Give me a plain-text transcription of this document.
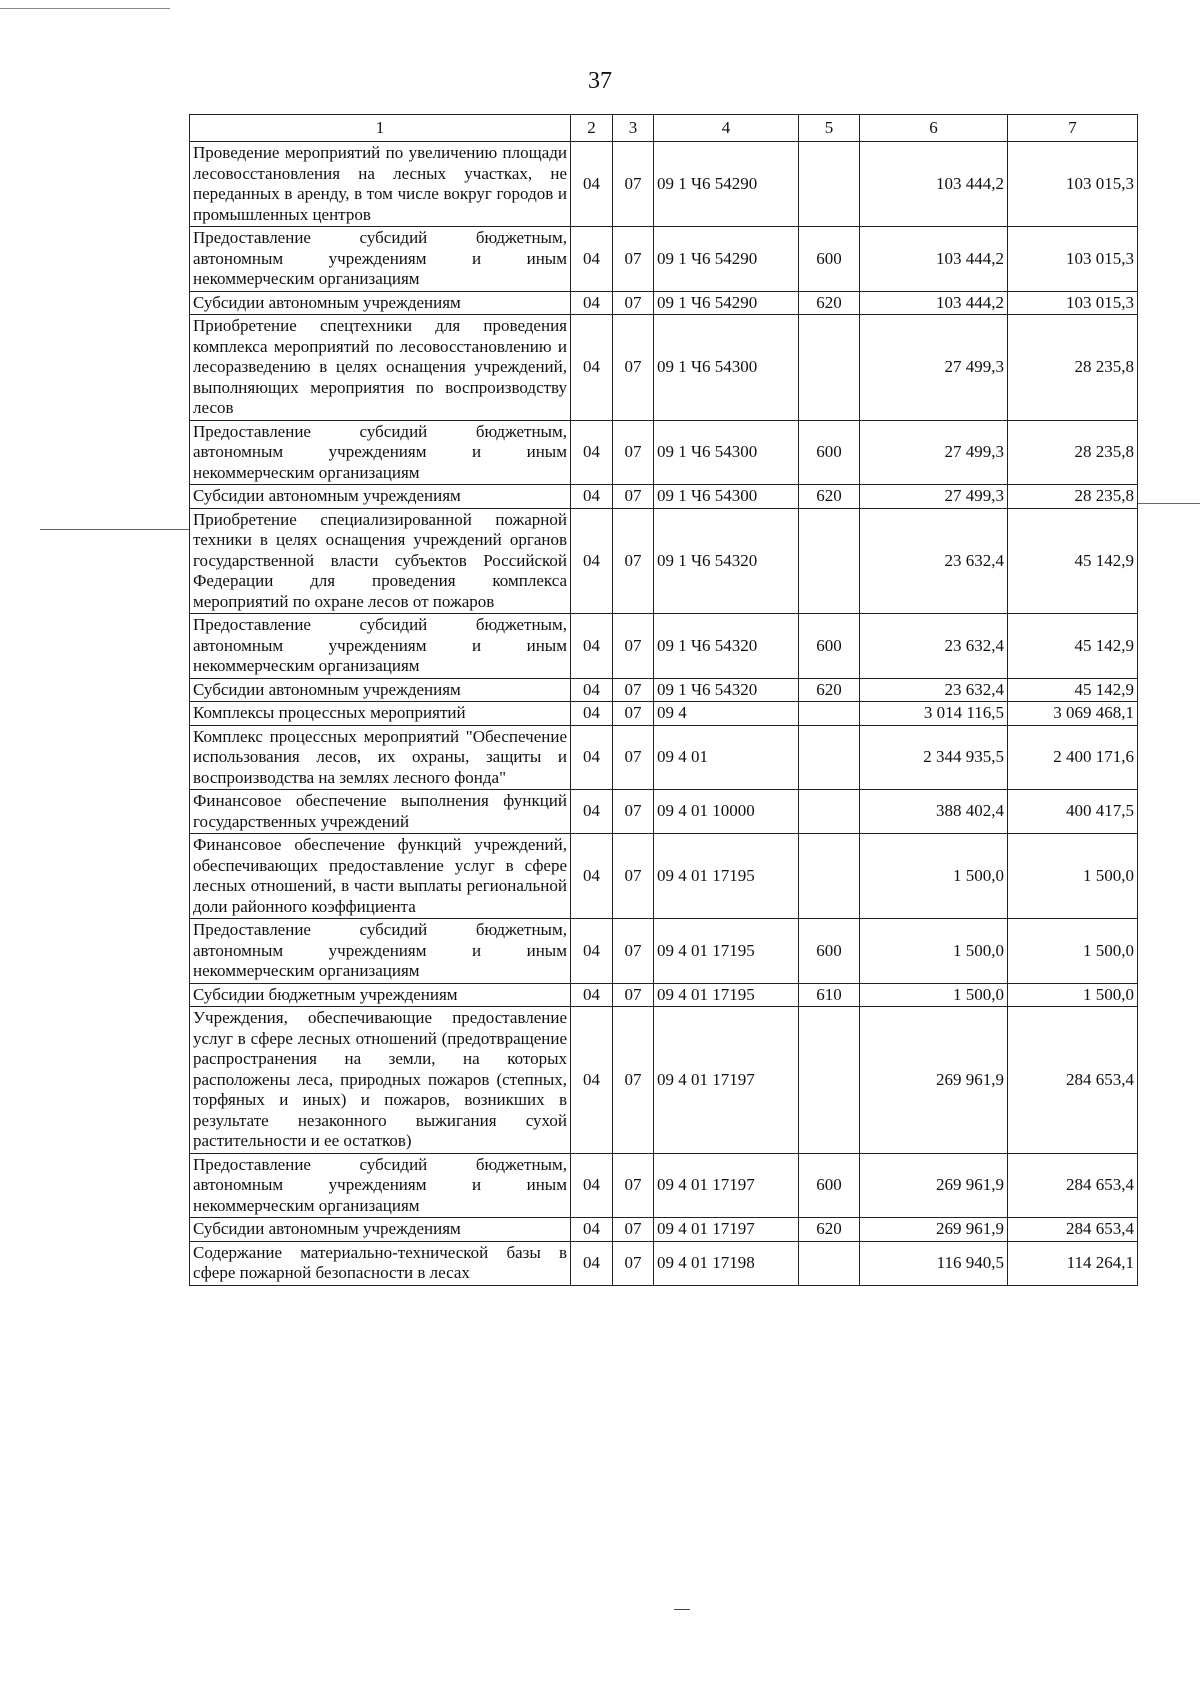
37
1	2	3	4	5	6	7
Проведение мероприятий по увеличению площади лесовосстановления на лесных участках, не переданных в аренду, в том числе вокруг городов и промышленных центров	04	07	09 1 Ч6 54290		103 444,2	103 015,3
Предоставление субсидий бюджетным, автономным учреждениям и иным некоммерческим организациям	04	07	09 1 Ч6 54290	600	103 444,2	103 015,3
Субсидии автономным учреждениям	04	07	09 1 Ч6 54290	620	103 444,2	103 015,3
Приобретение спецтехники для проведения комплекса мероприятий по лесовосстановлению и лесоразведению в целях оснащения учреждений, выполняющих мероприятия по воспроизводству лесов	04	07	09 1 Ч6 54300		27 499,3	28 235,8
Предоставление субсидий бюджетным, автономным учреждениям и иным некоммерческим организациям	04	07	09 1 Ч6 54300	600	27 499,3	28 235,8
Субсидии автономным учреждениям	04	07	09 1 Ч6 54300	620	27 499,3	28 235,8
Приобретение специализированной пожарной техники в целях оснащения учреждений органов государственной власти субъектов Российской Федерации для проведения комплекса мероприятий по охране лесов от пожаров	04	07	09 1 Ч6 54320		23 632,4	45 142,9
Предоставление субсидий бюджетным, автономным учреждениям и иным некоммерческим организациям	04	07	09 1 Ч6 54320	600	23 632,4	45 142,9
Субсидии автономным учреждениям	04	07	09 1 Ч6 54320	620	23 632,4	45 142,9
Комплексы процессных мероприятий	04	07	09 4		3 014 116,5	3 069 468,1
Комплекс процессных мероприятий "Обеспечение использования лесов, их охраны, защиты и воспроизводства на землях лесного фонда"	04	07	09 4 01		2 344 935,5	2 400 171,6
Финансовое обеспечение выполнения функций государственных учреждений	04	07	09 4 01 10000		388 402,4	400 417,5
Финансовое обеспечение функций учреждений, обеспечивающих предоставление услуг в сфере лесных отношений, в части выплаты региональной доли районного коэффициента	04	07	09 4 01 17195		1 500,0	1 500,0
Предоставление субсидий бюджетным, автономным учреждениям и иным некоммерческим организациям	04	07	09 4 01 17195	600	1 500,0	1 500,0
Субсидии бюджетным учреждениям	04	07	09 4 01 17195	610	1 500,0	1 500,0
Учреждения, обеспечивающие предоставление услуг в сфере лесных отношений (предотвращение распространения на земли, на которых расположены леса, природных пожаров (степных, торфяных и иных) и пожаров, возникших в результате незаконного выжигания сухой растительности и ее остатков)	04	07	09 4 01 17197		269 961,9	284 653,4
Предоставление субсидий бюджетным, автономным учреждениям и иным некоммерческим организациям	04	07	09 4 01 17197	600	269 961,9	284 653,4
Субсидии автономным учреждениям	04	07	09 4 01 17197	620	269 961,9	284 653,4
Содержание материально-технической базы в сфере пожарной безопасности в лесах	04	07	09 4 01 17198		116 940,5	114 264,1
